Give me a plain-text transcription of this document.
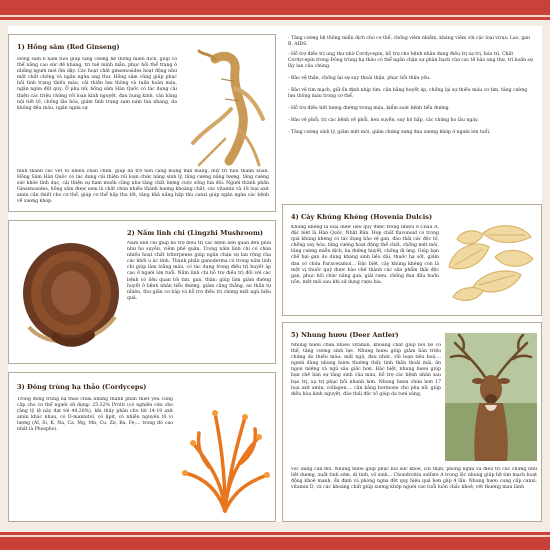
1) Hồng sâm (Red Ginseng)
Hồng sâm 6 năm tuổi giúp tăng cường hệ thống miễn dịch, giúp cơ thể năng cao sức đề kháng, trí tuệ minh mẫn, phục hồi thể trạng ở những người mới ốm dậy. Các hoạt chất ginsenosides hoạt động như một chất chống và ngăn ngừa ung thư. Hồng sâm cũng giúp phục hồi tình trạng thiếu máu, cải thiện lưu thông và tuần hoàn máu, ngăn ngừa đột quỵ. Ở phụ nữ, hồng sâm Hàn Quốc có tác dụng cải thiện các triệu chứng rối loạn kinh nguyệt, đau bụng kinh, cân bằng nội tiết tố, chống lão hóa, giảm tình trạng sạm nám tàn nhang, da không đều màu, ngăn ngừa sự
hình thành các vết tổ nhiều chân chim, giúp da trở nên căng mọng mịn màng, duy trì tuổi thanh xuân. Hồng Sâm Hàn Quốc có tác dụng cải thiện rối loạn chức năng sinh lý, tăng cường năng lượng, tăng cường sức khỏe tình dục, cải thiện sự ham muốn cũng như tăng chất lượng cuộc sống lứa đôi. Người thành phần Ginsenosides, hồng sâm được xem là chất chứa nhiều thành hương khoáng chất, các vitamin và 18 loại axit amin cần thiết cho cơ thể, giúp cơ thể hấp thu tốt, tăng khả năng hấp thu canxi giúp ngăn ngừa các bệnh về xương khớp.
2) Nấm linh chi (Lingzhi Mushroom)
Nấm linh chi giúp hỗ trợ điều trị các bệnh liên quan đến phổi như ho suyễn, viêm phế quản. Trong nấm linh chi có chứa nhiều hoạt chất triterpenes giúp ngăn chặn sự lan rộng của các khối u ác tính. Thành phần ganoderma có trong nấm linh chi giúp làm loãng máu, có tác dụng trong điều trị huyết áp cao ở người lớn tuổi. Nấm linh chi hỗ trợ điều trị đối với các bệnh có liên quan tới tim, gan, thận: giúp làm giảm đường huyết ở bệnh nhân tiểu đường, giảm căng thẳng, an thần tự nhiên, thư giãn cơ bắp và hỗ trợ điều trị chứng mất ngủ hiệu quả.
3) Đông trùng hạ thảo (Cordyceps)
Trong đông trùng hạ thảo chứa những thành phần thiết yếu cung cấp cho cơ thể người sử dụng: 25-32% Protit (có nghiên cứu cho rằng tỷ lệ này đạt tới 44,26%), khi thủy phân cho tới 14-19 axit amin khác nhau, có D-mannitol, có lipit, có nhiều nguyên tố vi lượng (Al, Si, K, Na, Ca, Mg, Mn, Cu, Zn, Ba, Fe,... trong đó cao nhất là Phospho).
- Tăng cường hệ thống miễn dịch cho cơ thể, chống viêm nhiễm, kháng viêm với các loại virus: Lao, gan B, AIDS.
- Hỗ trợ điều trị ung thư nhờ Cordycepin, hỗ trợ cho bệnh nhân đang điều trị xạ trị, hóa trị. Chất Cordycepin trong Đông trùng hạ thảo có thể ngăn chặn sự phân hạch của các tế bào ung thư, trì hoãn sự lây lan của chúng.
- Bảo vệ thận, chống lại sự suy thoái thận, phục hồi thận yếu.
- Bảo vệ tim mạch, giữ ổn định nhịp tim, cân bằng huyết áp, chống lại sự thiếu máu cơ tim, tăng cường lưu thông máu trong cơ thể.
- Hỗ trợ điều tiết lượng đường trong máu, kiểm soát bệnh tiểu đường.
- Bảo vệ phổi, trị các bệnh về phổi, hen suyễn, suy hô hấp, các chứng ho lâu ngày.
- Tăng cường sinh lý, giảm mệt mỏi, giảm chứng sưng đau xương khớp ở người lớn tuổi.
4) Cây Khúng Khéng (Hovenia Dulcis)
Khúng khéng là loại dược liệu quý được trồng nhiều ở Châu Á, đặc biệt là Hàn Quốc, Nhật Bản. Hợp chất flavonoid có trong quả khúng khéng có tác dụng bảo vệ gan, đào thải các độc tố, chống oxy hóa, tăng cường hoạt động thể chất, chống mệt mỏi, tăng cường miễn dịch, hạ đường huyết, chống dị ứng. Giúp bạn chế bại gan do dùng kháng sinh liều dài, thuốc hạ sốt, giảm đau có chứa Paracetamol... Đặc biệt, cây khúng khéng còn là một vị thuốc quý được bào chế thành các sản phẩm thải độc gan, phục hồi chức năng gan, giải rượu, chống đau đầu buồn nôn, mệt mỏi sau khi sử dụng rượu bia.
5) Nhung hươu (Deer Antler)
Nhung hươu chứa nhiều vitamin, khoáng chất giúp bồi bổ cơ thể, tăng cường sinh lực. Nhung hươu giúp giảm hàn triệu chứng do thiếu máu: mất ngủ, đau nhức, rối loạn tiêu hoá,... người dùng nhung hươu thường thấy tinh thần thoải mái, ăn ngon miệng và ngủ sâu giấc hơn. Đặc biệt, nhung hươu giúp bạn chế hàn sự tăng sinh của máu, hỗ trợ các bệnh nhân sau bạo trị, xạ trị phục hồi nhanh hơn. Nhung hươu chứa hơn 17 loại axit amin, collagen,... cân bằng hormone cho phụ nữ, giúp điều hòa kinh nguyệt, đào thải độc tố giúp da tươi sáng,
vóc dáng cân đối. Nhung hươu giúp phục hồi sức khoẻ, ích thận, phòng ngừa và điều trị các chứng như liệt dương, xuất tinh sớm, di tinh, vô sinh... Chondroitin sulfate A trong lộc nhung giúp hệ tim mạch hoạt động khoẻ mạnh, ổn định và phòng ngừa đột quỵ hiệu quả hơn gấp 4 lần. Nhung hươu cung cấp canxi, vitamin D, và các khoáng chất giúp xương khớp người cao tuổi luôn chắc khoẻ, vết thương mau lành
